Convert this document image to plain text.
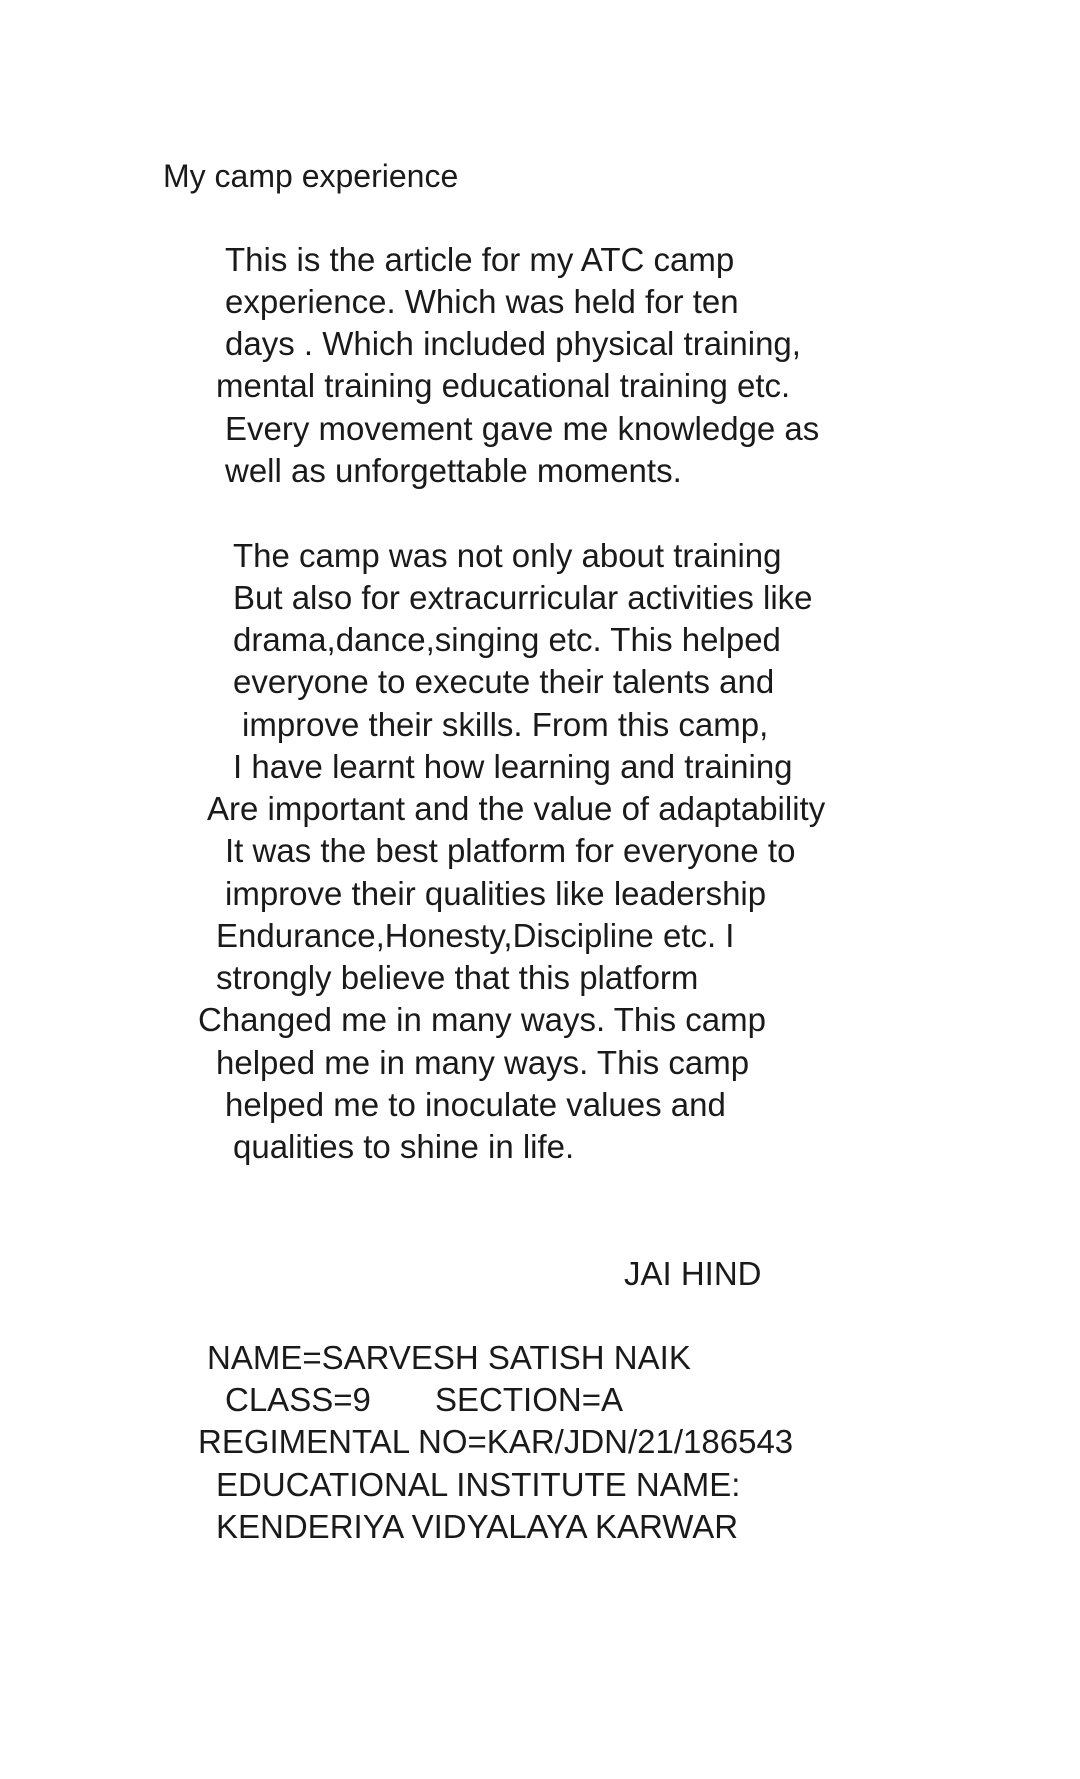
My camp experience
This is the article for my ATC camp
experience. Which was held for ten
days . Which included physical training,
mental training educational training etc.
Every movement gave me knowledge as
well as unforgettable moments.
The camp was not only about training
But also for extracurricular activities like
drama,dance,singing etc. This helped
everyone to execute their talents and
improve their skills. From this camp,
I have learnt how learning and training
Are important and the value of adaptability
It was the best platform for everyone to
improve their qualities like leadership
Endurance,Honesty,Discipline etc. I
strongly believe that this platform
Changed me in many ways. This camp
helped me in many ways. This camp
helped me to inoculate values and
qualities to shine in life.
JAI HIND
NAME=SARVESH SATISH NAIK
CLASS=9       SECTION=A
REGIMENTAL NO=KAR/JDN/21/186543
EDUCATIONAL INSTITUTE NAME:
KENDERIYA VIDYALAYA KARWAR
